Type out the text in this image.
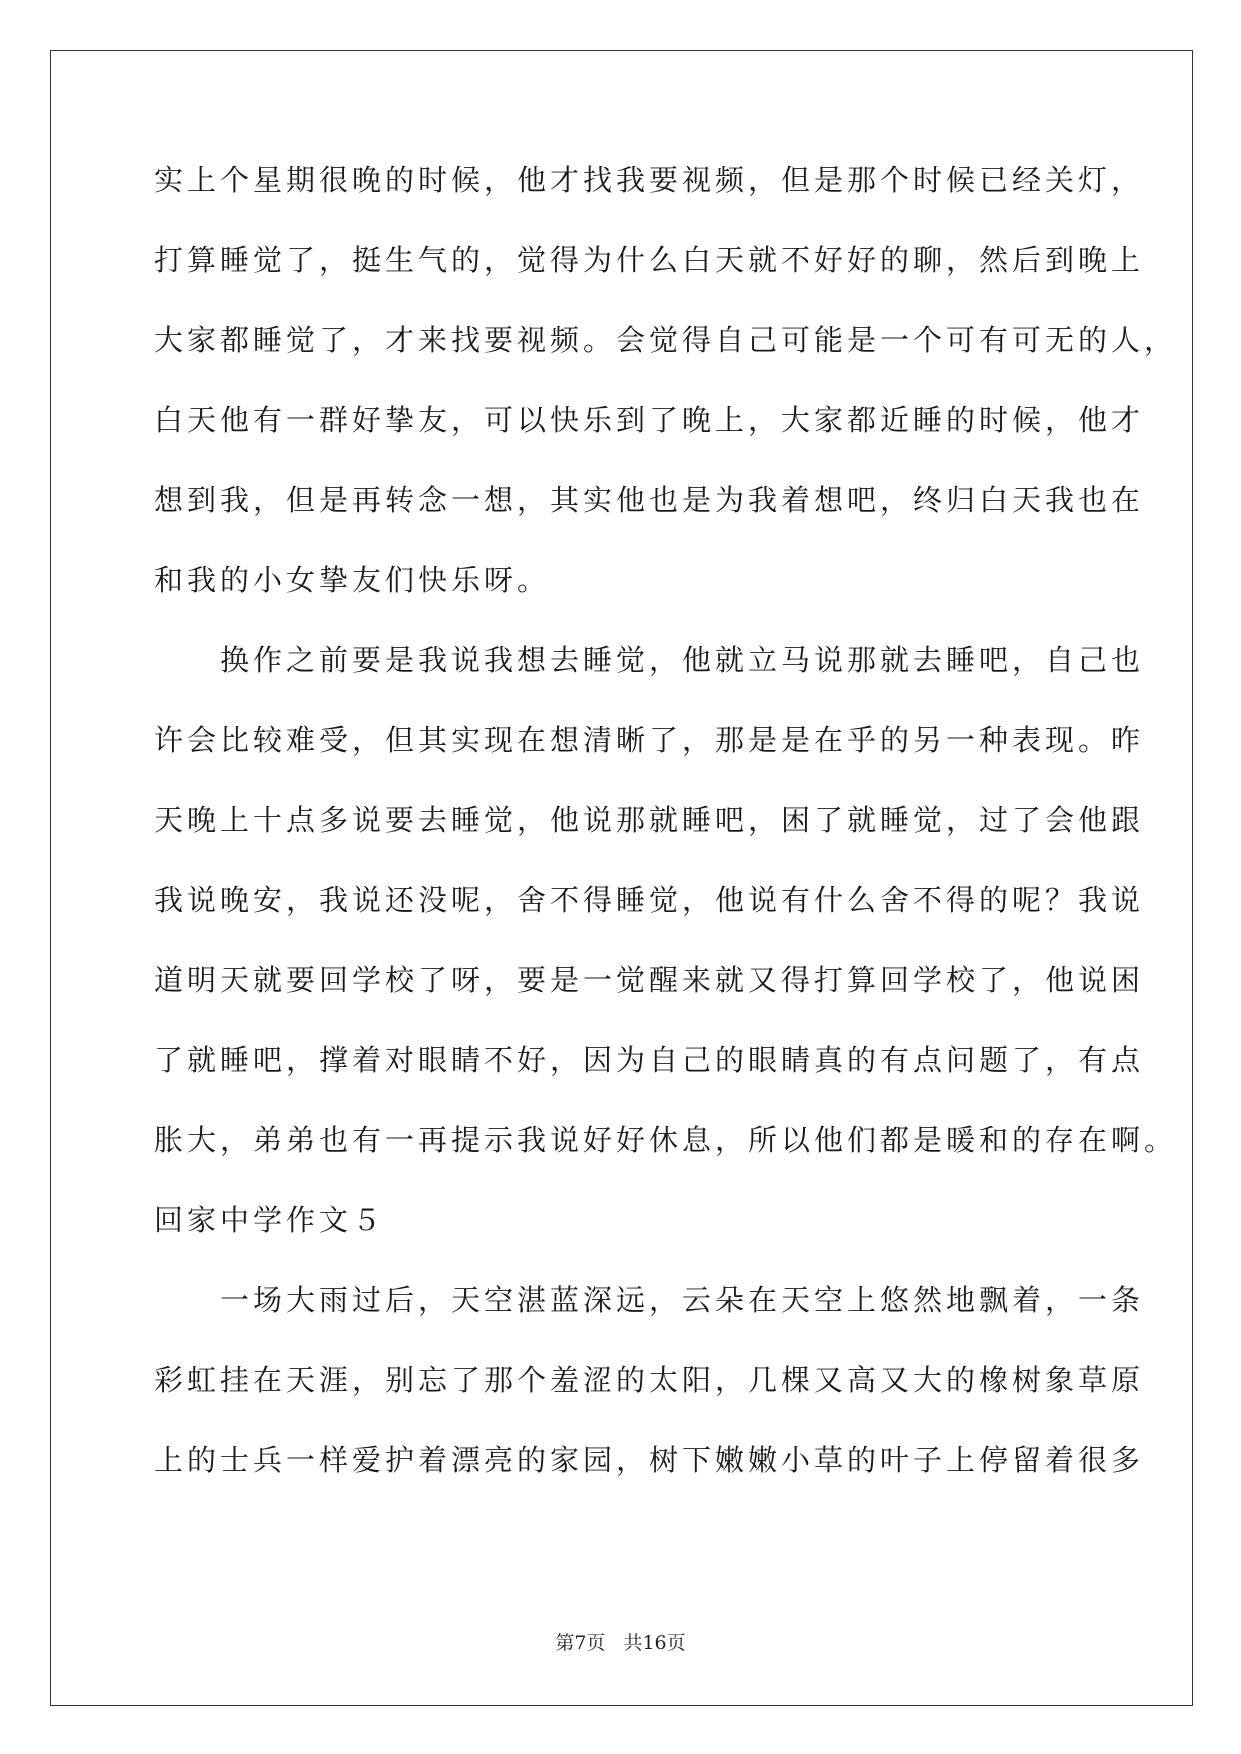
实上个星期很晚的时候，他才找我要视频，但是那个时候已经关灯，
打算睡觉了，挺生气的，觉得为什么白天就不好好的聊，然后到晚上
大家都睡觉了，才来找要视频。会觉得自己可能是一个可有可无的人，
白天他有一群好挚友，可以快乐到了晚上，大家都近睡的时候，他才
想到我，但是再转念一想，其实他也是为我着想吧，终归白天我也在
和我的小女挚友们快乐呀。
　　换作之前要是我说我想去睡觉，他就立马说那就去睡吧，自己也
许会比较难受，但其实现在想清晰了，那是是在乎的另一种表现。昨
天晚上十点多说要去睡觉，他说那就睡吧，困了就睡觉，过了会他跟
我说晚安，我说还没呢，舍不得睡觉，他说有什么舍不得的呢？我说
道明天就要回学校了呀，要是一觉醒来就又得打算回学校了，他说困
了就睡吧，撑着对眼睛不好，因为自己的眼睛真的有点问题了，有点
胀大，弟弟也有一再提示我说好好休息，所以他们都是暖和的存在啊。
回家中学作文５
　　一场大雨过后，天空湛蓝深远，云朵在天空上悠然地飘着，一条
彩虹挂在天涯，别忘了那个羞涩的太阳，几棵又高又大的橡树象草原
上的士兵一样爱护着漂亮的家园，树下嫩嫩小草的叶子上停留着很多
第7页 共16页
